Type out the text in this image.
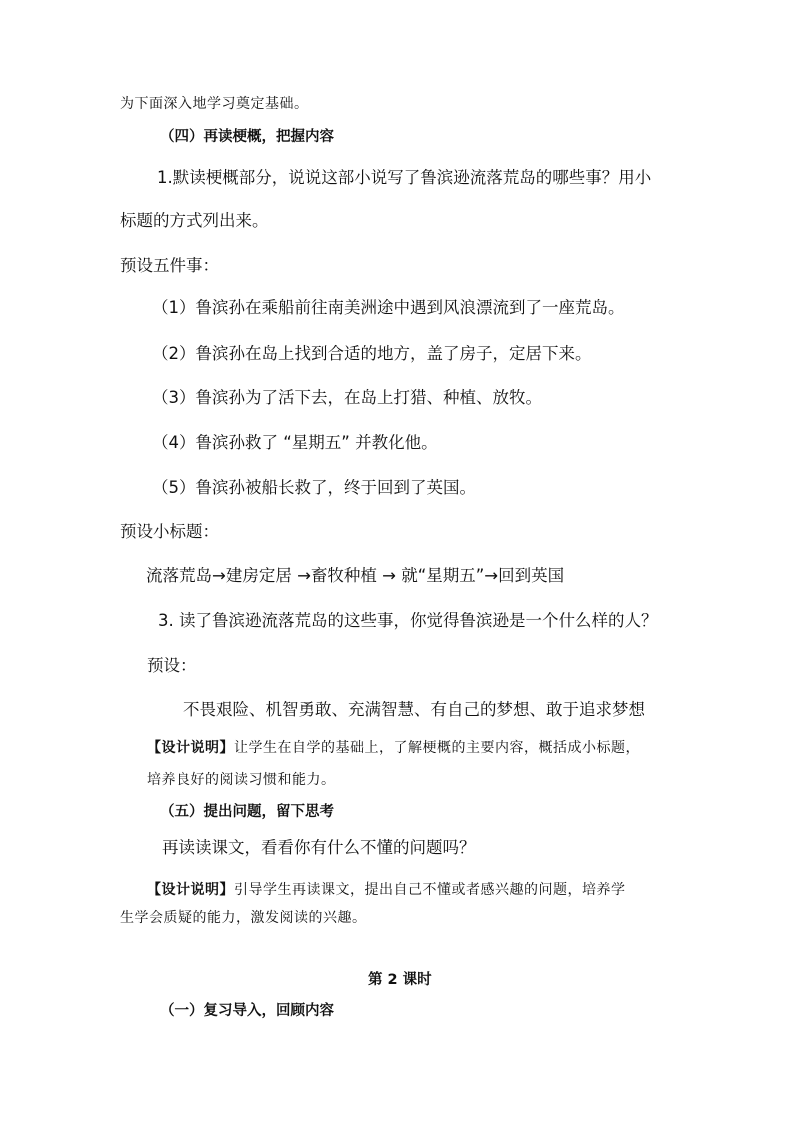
为下面深入地学习奠定基础。
（四）再读梗概，把握内容
1.默读梗概部分，说说这部小说写了鲁滨逊流落荒岛的哪些事？用小
标题的方式列出来。
预设五件事：
（1）鲁滨孙在乘船前往南美洲途中遇到风浪漂流到了一座荒岛。
（2）鲁滨孙在岛上找到合适的地方，盖了房子，定居下来。
（3）鲁滨孙为了活下去，在岛上打猎、种植、放牧。
（4）鲁滨孙救了 “星期五” 并教化他。
（5）鲁滨孙被船长救了，终于回到了英国。
预设小标题：
流落荒岛→建房定居 →畜牧种植 → 就“星期五”→回到英国
3. 读了鲁滨逊流落荒岛的这些事，你觉得鲁滨逊是一个什么样的人？
预设：
不畏艰险、机智勇敢、充满智慧、有自己的梦想、敢于追求梦想
【设计说明】让学生在自学的基础上，了解梗概的主要内容，概括成小标题，
培养良好的阅读习惯和能力。
（五）提出问题，留下思考
再读读课文，看看你有什么不懂的问题吗？
【设计说明】引导学生再读课文，提出自己不懂或者感兴趣的问题，培养学
生学会质疑的能力，激发阅读的兴趣。
第 2 课时
（一）复习导入，回顾内容
